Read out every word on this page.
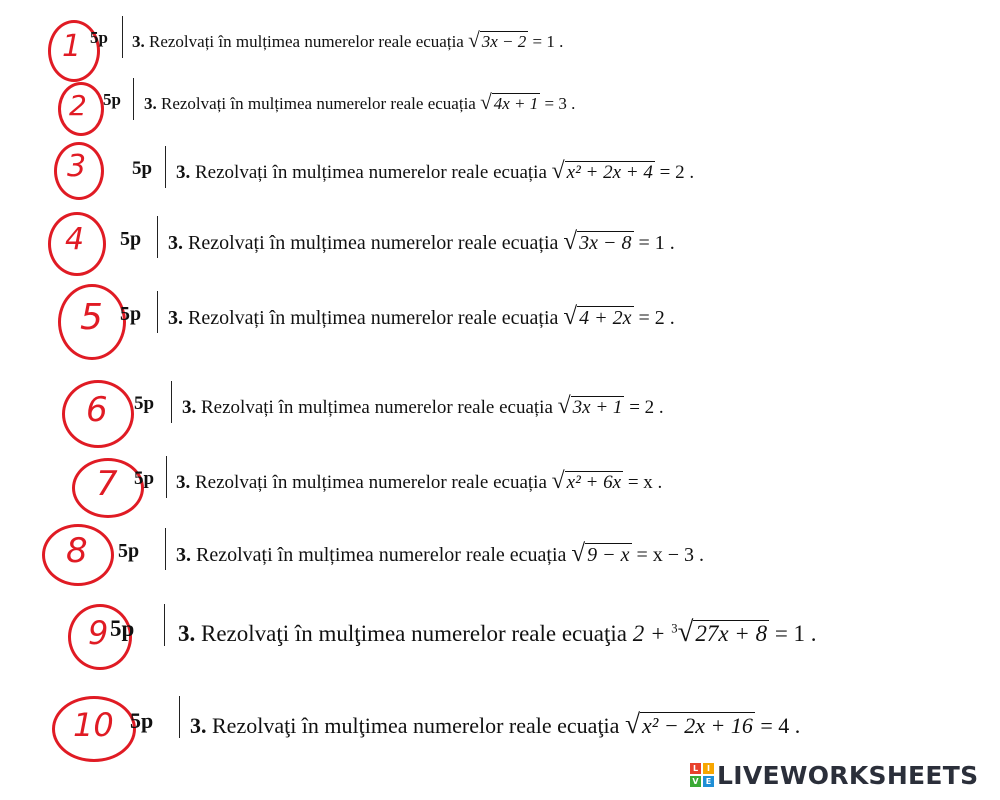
1 5p 3. Rezolvați în mulțimea numerelor reale ecuația √ 3x − 2 = 1 .
2 5p 3. Rezolvați în mulțimea numerelor reale ecuația √ 4x + 1 = 3 .
3 5p 3. Rezolvați în mulțimea numerelor reale ecuația √ x² + 2x + 4 = 2 .
4 5p 3. Rezolvați în mulțimea numerelor reale ecuația √ 3x − 8 = 1 .
5 5p 3. Rezolvați în mulțimea numerelor reale ecuația √ 4 + 2x = 2 .
6 5p 3. Rezolvați în mulțimea numerelor reale ecuația √ 3x + 1 = 2 .
7 5p 3. Rezolvați în mulțimea numerelor reale ecuația √ x² + 6x = x .
8 5p 3. Rezolvați în mulțimea numerelor reale ecuația √ 9 − x = x − 3 .
9 5p 3. Rezolvaţi în mulţimea numerelor reale ecuaţia 2 + $^3$√27x + 8 = 1 .
10 5p 3. Rezolvaţi în mulţimea numerelor reale ecuaţia √x² − 2x + 16 = 4 .
L	I
V E LIVEWORKSHEETS
